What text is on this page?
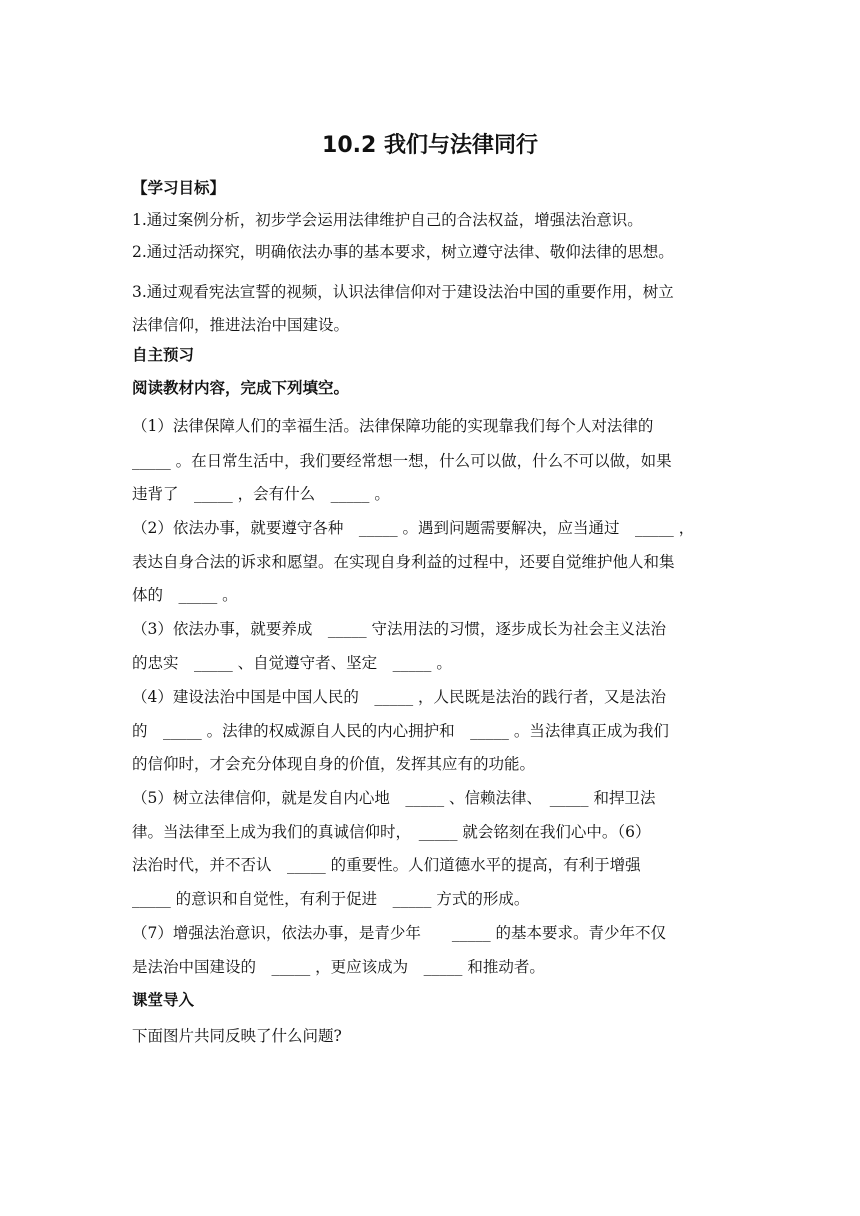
10.2 我们与法律同行
【学习目标】
1.通过案例分析，初步学会运用法律维护自己的合法权益，增强法治意识。
2.通过活动探究，明确依法办事的基本要求，树立遵守法律、敬仰法律的思想。
3.通过观看宪法宣誓的视频，认识法律信仰对于建设法治中国的重要作用，树立
法律信仰，推进法治中国建设。
自主预习
阅读教材内容，完成下列填空。
（1）法律保障人们的幸福生活。法律保障功能的实现靠我们每个人对法律的
_____ 。在日常生活中，我们要经常想一想，什么可以做，什么不可以做，如果
违背了　_____ ，会有什么　_____ 。
（2）依法办事，就要遵守各种　_____ 。遇到问题需要解决，应当通过　_____ ，
表达自身合法的诉求和愿望。在实现自身利益的过程中，还要自觉维护他人和集
体的　_____ 。
（3）依法办事，就要养成　_____ 守法用法的习惯，逐步成长为社会主义法治
的忠实　_____ 、自觉遵守者、坚定　_____ 。
（4）建设法治中国是中国人民的　_____ ，人民既是法治的践行者，又是法治
的　_____ 。法律的权威源自人民的内心拥护和　_____ 。当法律真正成为我们
的信仰时，才会充分体现自身的价值，发挥其应有的功能。
（5）树立法律信仰，就是发自内心地　_____ 、信赖法律、　_____ 和捍卫法
律。当法律至上成为我们的真诚信仰时，　_____ 就会铭刻在我们心中。（6）
法治时代，并不否认　_____ 的重要性。人们道德水平的提高，有利于增强
_____ 的意识和自觉性，有利于促进　_____ 方式的形成。
（7）增强法治意识，依法办事，是青少年　　_____ 的基本要求。青少年不仅
是法治中国建设的　_____ ，更应该成为　_____ 和推动者。
课堂导入
下面图片共同反映了什么问题?
